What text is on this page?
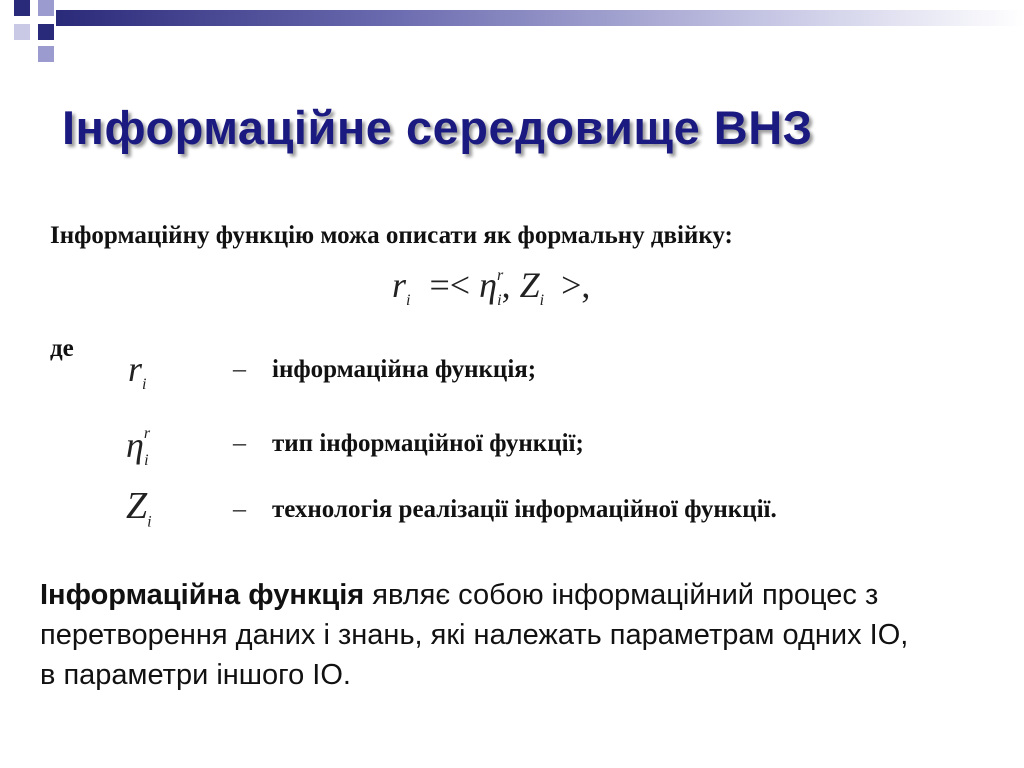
Інформаційне середовище ВНЗ
Інформаційну функцію можа описати як формальну двійку:
$r_i =< \eta^r_i$, $Z_i$ >,
де
$r_i$
– інформаційна функція;
$\eta^r_i$
– тип інформаційної функції;
$Z_i$	– технологія реалізації інформаційної функції.
Інформаційна функція являє собою інформаційний процес з перетворення даних і знань, які належать параметрам одних ІО, в параметри іншого ІО.
